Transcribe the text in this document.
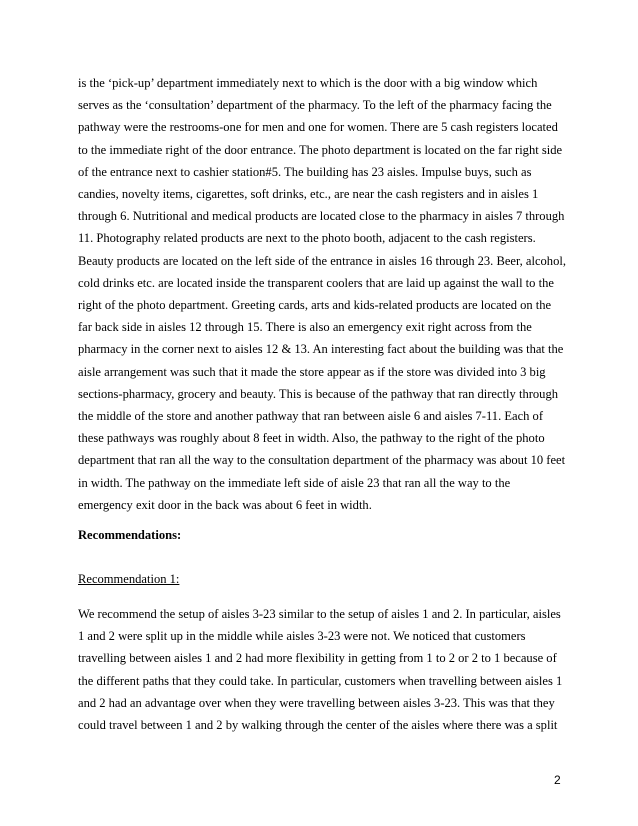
is the ‘pick-up’ department immediately next to which is the door with a big window which
serves as the ‘consultation’ department of the pharmacy. To the left of the pharmacy facing the
pathway were the restrooms-one for men and one for women. There are 5 cash registers located
to the immediate right of the door entrance. The photo department is located on the far right side
of the entrance next to cashier station#5. The building has 23 aisles. Impulse buys, such as
candies, novelty items, cigarettes, soft drinks, etc., are near the cash registers and in aisles 1
through 6. Nutritional and medical products are located close to the pharmacy in aisles 7 through
11. Photography related products are next to the photo booth, adjacent to the cash registers.
Beauty products are located on the left side of the entrance in aisles 16 through 23. Beer, alcohol,
cold drinks etc. are located inside the transparent coolers that are laid up against the wall to the
right of the photo department. Greeting cards, arts and kids-related products are located on the
far back side in aisles 12 through 15. There is also an emergency exit right across from the
pharmacy in the corner next to aisles 12 & 13. An interesting fact about the building was that the
aisle arrangement was such that it made the store appear as if the store was divided into 3 big
sections-pharmacy, grocery and beauty. This is because of the pathway that ran directly through
the middle of the store and another pathway that ran between aisle 6 and aisles 7-11. Each of
these pathways was roughly about 8 feet in width. Also, the pathway to the right of the photo
department that ran all the way to the consultation department of the pharmacy was about 10 feet
in width. The pathway on the immediate left side of aisle 23 that ran all the way to the
emergency exit door in the back was about 6 feet in width.

Recommendations:

Recommendation 1:

We recommend the setup of aisles 3-23 similar to the setup of aisles 1 and 2. In particular, aisles
1 and 2 were split up in the middle while aisles 3-23 were not. We noticed that customers
travelling between aisles 1 and 2 had more flexibility in getting from 1 to 2 or 2 to 1 because of
the different paths that they could take. In particular, customers when travelling between aisles 1
and 2 had an advantage over when they were travelling between aisles 3-23. This was that they
could travel between 1 and 2 by walking through the center of the aisles where there was a split

2
